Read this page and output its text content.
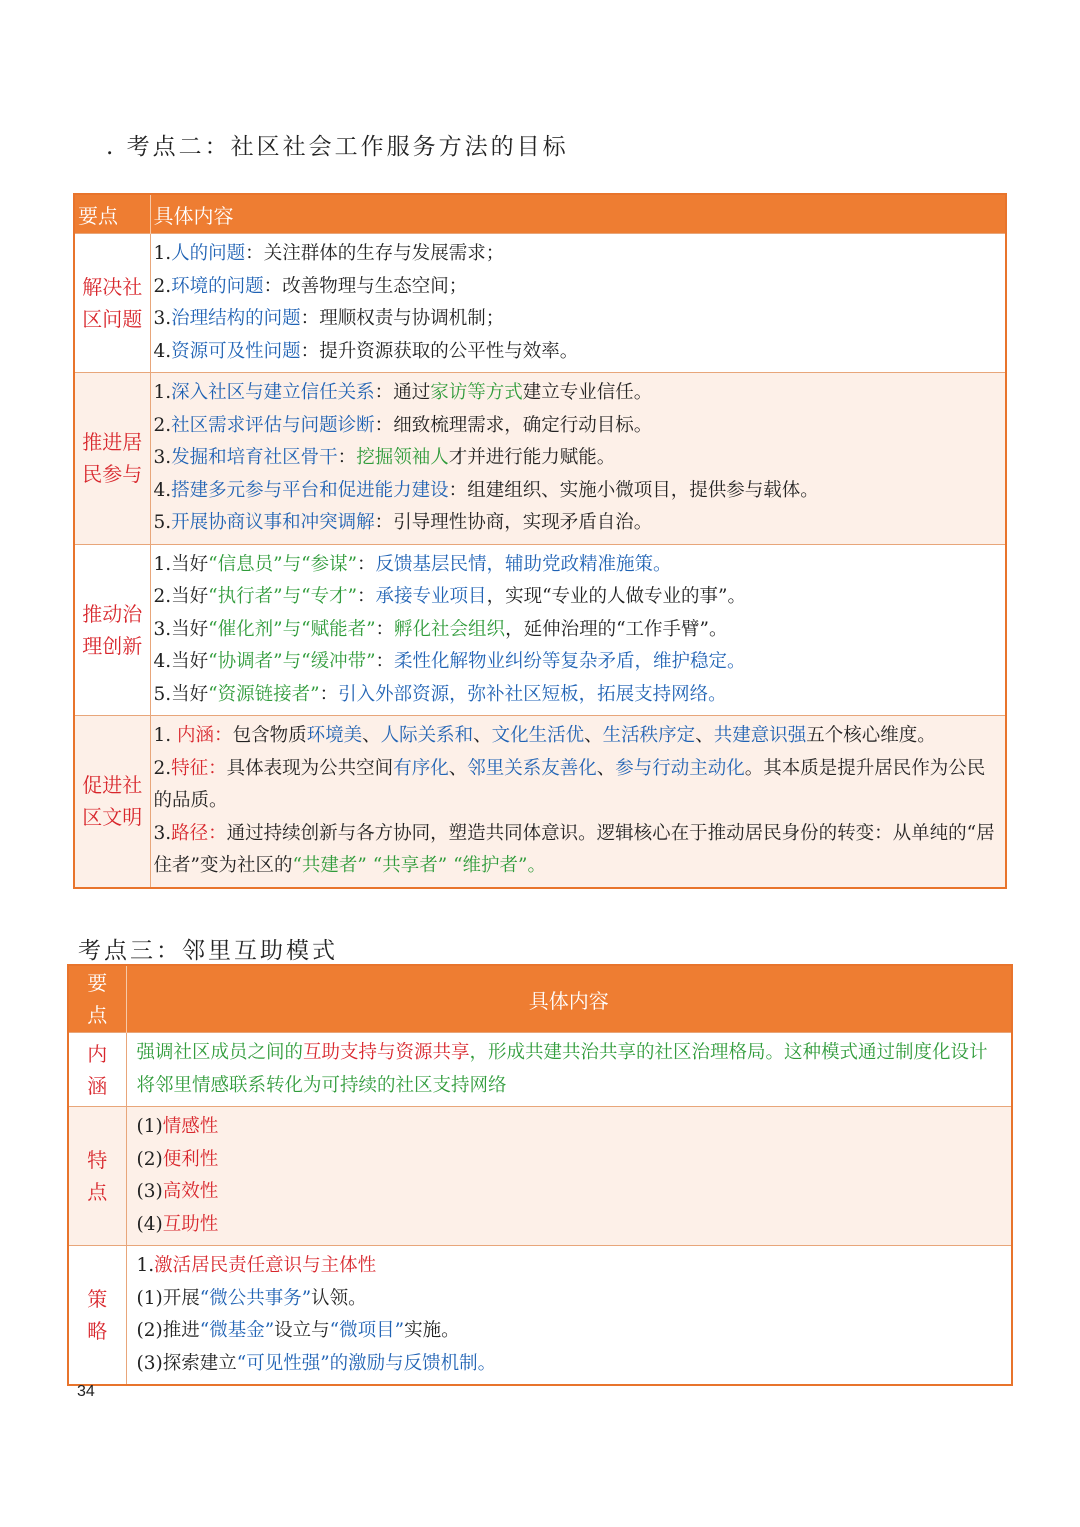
. 考点二：社区社会工作服务方法的目标
要点	具体内容

解决社
区问题	1.人的问题：关注群体的生存与发展需求；
2.环境的问题：改善物理与生态空间；
3.治理结构的问题：理顺权责与协调机制；
4.资源可及性问题：提升资源获取的公平性与效率。

推进居
民参与	1.深入社区与建立信任关系：通过家访等方式建立专业信任。
2.社区需求评估与问题诊断：细致梳理需求，确定行动目标。
3.发掘和培育社区骨干：挖掘领袖人才并进行能力赋能。
4.搭建多元参与平台和促进能力建设：组建组织、实施小微项目，提供参与载体。
5.开展协商议事和冲突调解：引导理性协商，实现矛盾自治。

推动治
理创新	1.当好“信息员”与“参谋”：反馈基层民情，辅助党政精准施策。
2.当好“执行者”与“专才”：承接专业项目，实现“专业的人做专业的事”。
3.当好“催化剂”与“赋能者”：孵化社会组织，延伸治理的“工作手臂”。
4.当好“协调者”与“缓冲带”：柔性化解物业纠纷等复杂矛盾，维护稳定。
5.当好“资源链接者”：引入外部资源，弥补社区短板，拓展支持网络。

促进社
区文明	1. 内涵：包含物质环境美、人际关系和、文化生活优、生活秩序定、共建意识强五个核心维度。
2.特征：具体表现为公共空间有序化、邻里关系友善化、参与行动主动化。其本质是提升居民作为公民的品质。
3.路径：通过持续创新与各方协同，塑造共同体意识。逻辑核心在于推动居民身份的转变：从单纯的“居住者”变为社区的“共建者” “共享者” “维护者”。
考点三：邻里互助模式
要
点	具体内容

内
涵	强调社区成员之间的互助支持与资源共享，形成共建共治共享的社区治理格局。这种模式通过制度化设计将邻里情感联系转化为可持续的社区支持网络

特
点	(1)情感性
(2)便利性
(3)高效性
(4)互助性

策
略	1.激活居民责任意识与主体性
(1)开展“微公共事务”认领。
(2)推进“微基金”设立与“微项目”实施。
(3)探索建立“可见性强”的激励与反馈机制。
34
